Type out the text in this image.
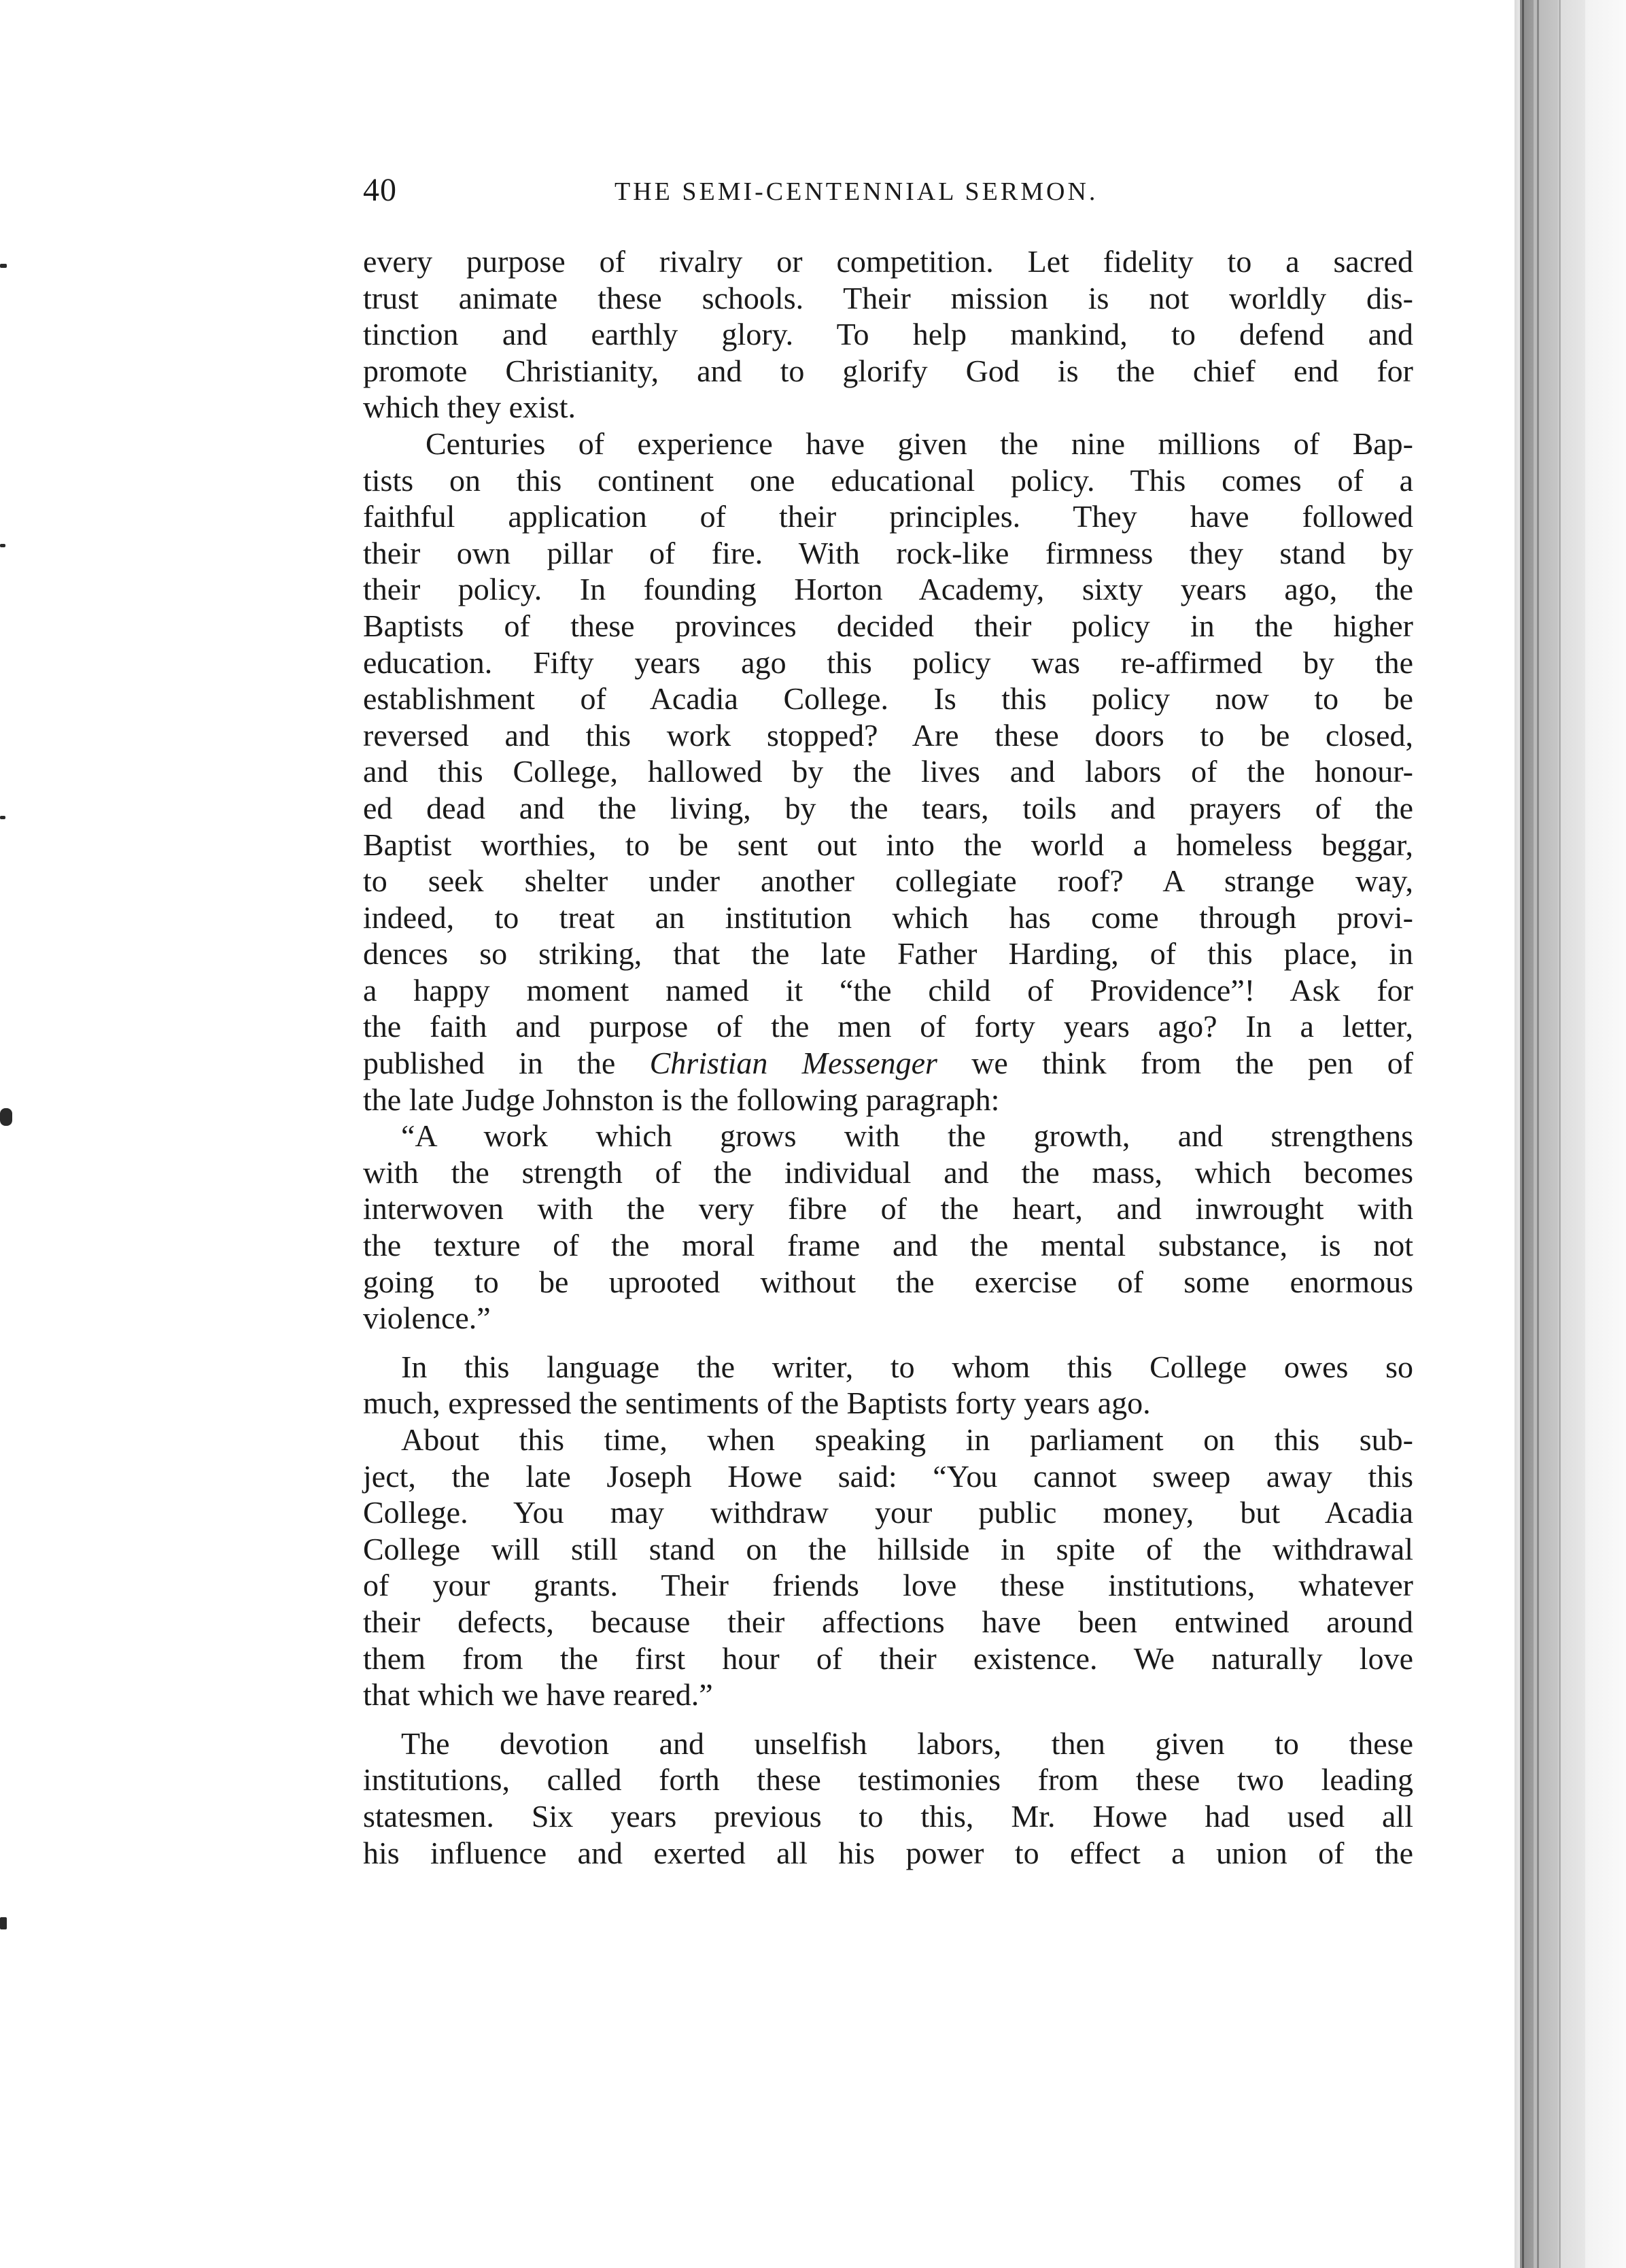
40	THE SEMI-CENTENNIAL SERMON.
every purpose of rivalry or competition. Let fidelity to a sacred
trust animate these schools. Their mission is not worldly dis-
tinction and earthly glory. To help mankind, to defend and
promote Christianity, and to glorify God is the chief end for
which they exist.
Centuries of experience have given the nine millions of Bap-
tists on this continent one educational policy. This comes of a
faithful application of their principles. They have followed
their own pillar of fire. With rock-like firmness they stand by
their policy. In founding Horton Academy, sixty years ago, the
Baptists of these provinces decided their policy in the higher
education. Fifty years ago this policy was re-affirmed by the
establishment of Acadia College. Is this policy now to be
reversed and this work stopped? Are these doors to be closed,
and this College, hallowed by the lives and labors of the honour-
ed dead and the living, by the tears, toils and prayers of the
Baptist worthies, to be sent out into the world a homeless beggar,
to seek shelter under another collegiate roof? A strange way,
indeed, to treat an institution which has come through provi-
dences so striking, that the late Father Harding, of this place, in
a happy moment named it “the child of Providence”! Ask for
the faith and purpose of the men of forty years ago? In a letter,
published in the Christian Messenger we think from the pen of
the late Judge Johnston is the following paragraph:
“A work which grows with the growth, and strengthens
with the strength of the individual and the mass, which becomes
interwoven with the very fibre of the heart, and inwrought with
the texture of the moral frame and the mental substance, is not
going to be uprooted without the exercise of some enormous
violence.”
In this language the writer, to whom this College owes so
much, expressed the sentiments of the Baptists forty years ago.
About this time, when speaking in parliament on this sub-
ject, the late Joseph Howe said: “You cannot sweep away this
College. You may withdraw your public money, but Acadia
College will still stand on the hillside in spite of the withdrawal
of your grants. Their friends love these institutions, whatever
their defects, because their affections have been entwined around
them from the first hour of their existence. We naturally love
that which we have reared.”
The devotion and unselfish labors, then given to these
institutions, called forth these testimonies from these two leading
statesmen. Six years previous to this, Mr. Howe had used all
his influence and exerted all his power to effect a union of the
